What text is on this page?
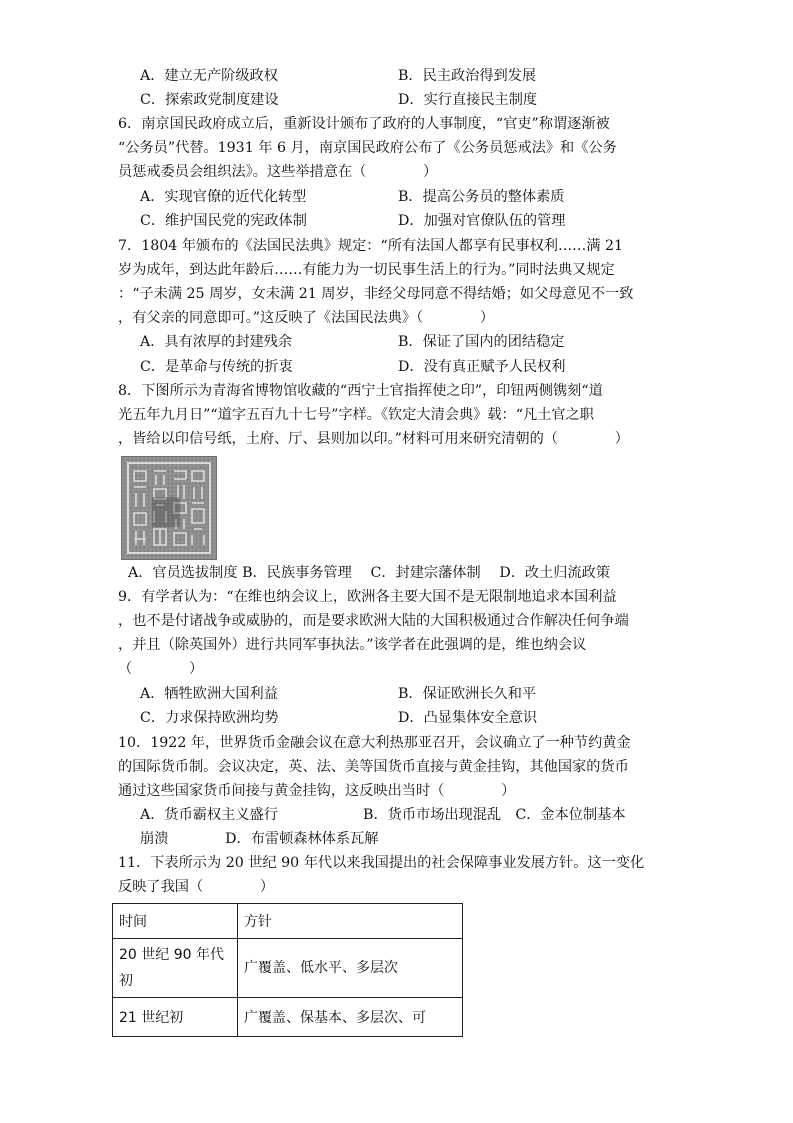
A．建立无产阶级政权	B．民主政治得到发展
C．探索政党制度建设	D．实行直接民主制度
6．南京国民政府成立后，重新设计颁布了政府的人事制度，“官吏”称谓逐渐被
“公务员”代替。1931 年 6 月，南京国民政府公布了《公务员惩戒法》和《公务
员惩戒委员会组织法》。这些举措意在（　　　　）
A．实现官僚的近代化转型	B．提高公务员的整体素质
C．维护国民党的宪政体制	D．加强对官僚队伍的管理
7．1804 年颁布的《法国民法典》规定：“所有法国人都享有民事权利……满 21
岁为成年，到达此年龄后……有能力为一切民事生活上的行为。”同时法典又规定
：“子未满 25 周岁，女未满 21 周岁，非经父母同意不得结婚；如父母意见不一致
，有父亲的同意即可。”这反映了《法国民法典》（　　　　）
A．具有浓厚的封建残余	B．保证了国内的团结稳定
C．是革命与传统的折衷	D．没有真正赋予人民权利
8．下图所示为青海省博物馆收藏的“西宁土官指挥使之印”，印钮两侧镌刻“道
光五年九月日”“道字五百九十七号”字样。《钦定大清会典》载：“凡土官之职
，皆给以印信号纸，土府、厅、县则加以印。”材料可用来研究清朝的（　　　　）
A．官员选拔制度 B．民族事务管理　 C．封建宗藩体制　 D．改土归流政策
9．有学者认为：“在维也纳会议上，欧洲各主要大国不是无限制地追求本国利益
，也不是付诸战争或威胁的，而是要求欧洲大陆的大国积极通过合作解决任何争端
，并且（除英国外）进行共同军事执法。”该学者在此强调的是，维也纳会议
（　　　　）
A．牺牲欧洲大国利益	B．保证欧洲长久和平
C．力求保持欧洲均势	D．凸显集体安全意识
10．1922 年，世界货币金融会议在意大利热那亚召开，会议确立了一种节约黄金
的国际货币制。会议决定，英、法、美等国货币直接与黄金挂钩，其他国家的货币
通过这些国家货币间接与黄金挂钩，这反映出当时（　　　　）
A．货币霸权主义盛行　　　　　　B．货币市场出现混乱　C．金本位制基本
崩溃　　　　D．布雷顿森林体系瓦解
11．下表所示为 20 世纪 90 年代以来我国提出的社会保障事业发展方针。这一变化
反映了我国（　　　　）
时间	方针
20 世纪 90 年代初	广覆盖、低水平、多层次
21 世纪初	广覆盖、保基本、多层次、可
